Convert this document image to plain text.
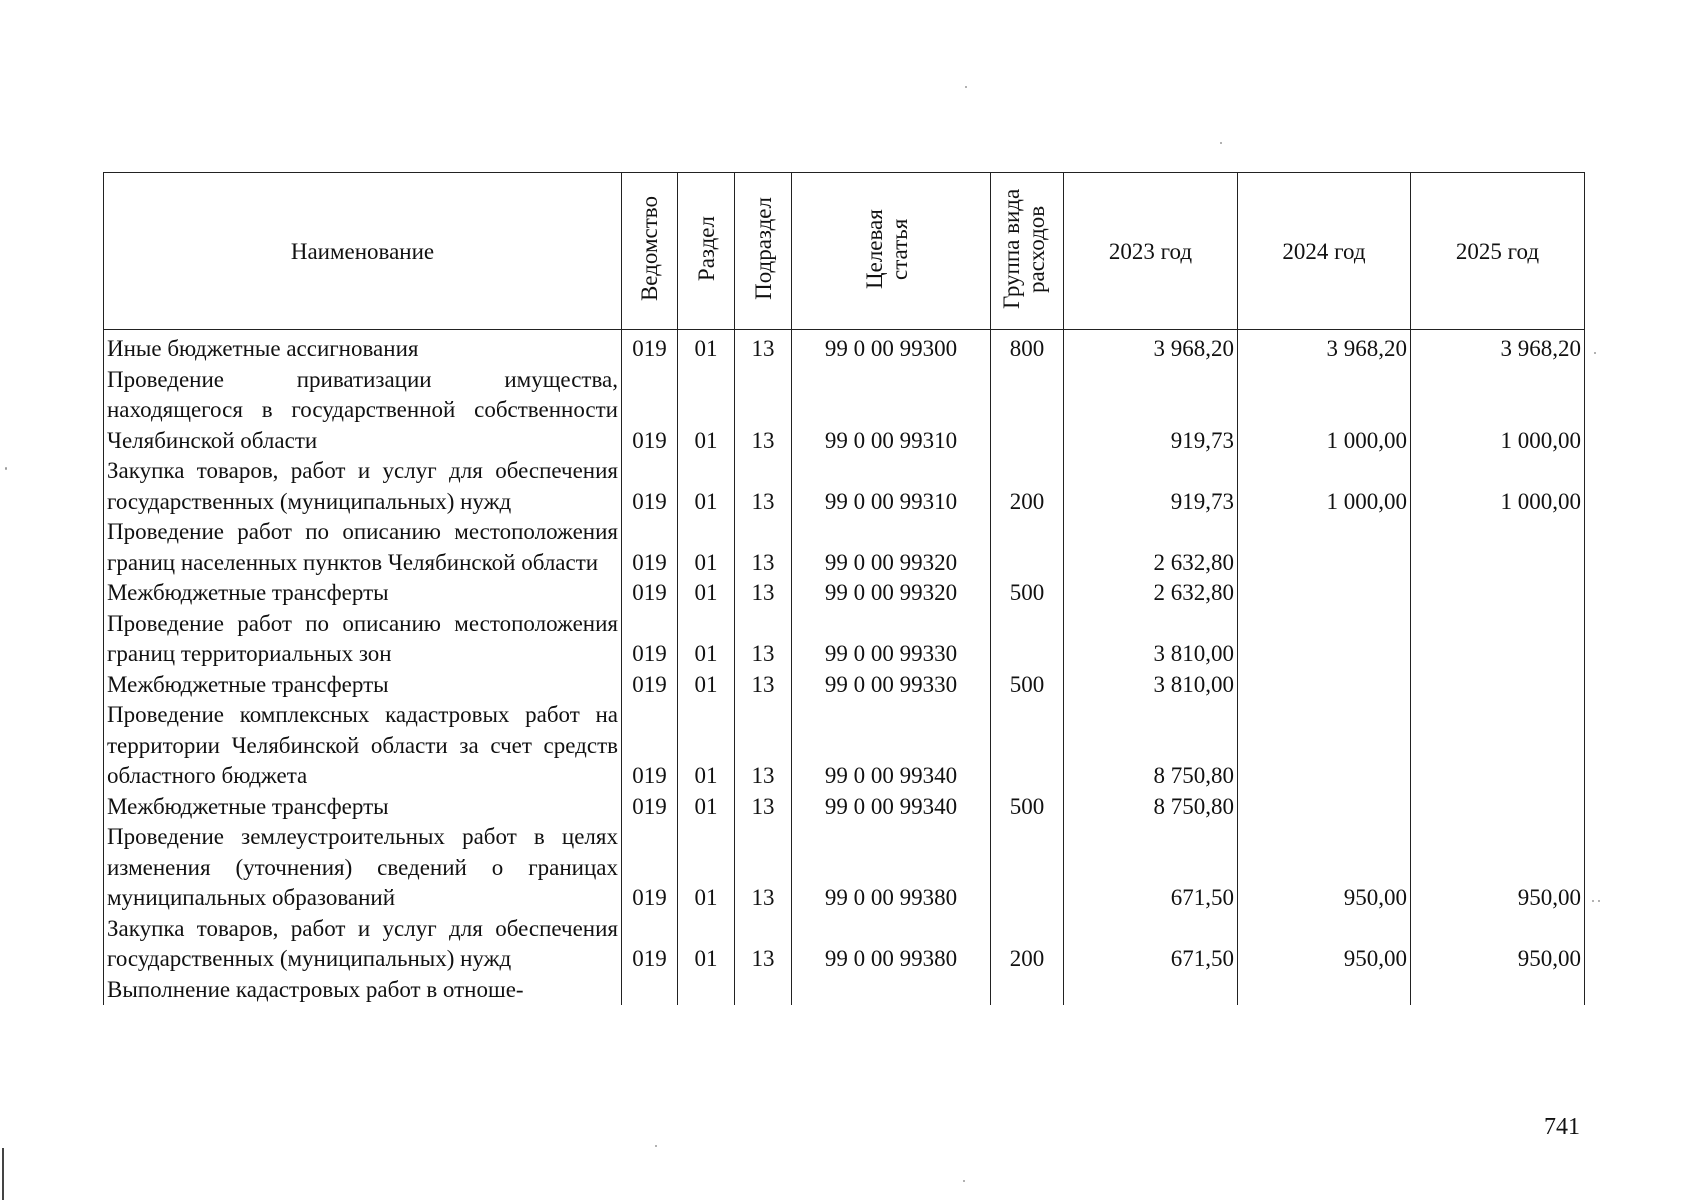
Наименование	Ведомство	Раздел	Подраздел	Целевая статья	Группа вида расходов	2023 год	2024 год	2025 год
Иные бюджетные ассигнования	019	01	13	99 0 00 99300	800	3 968,20	3 968,20	3 968,20
Проведение приватизации имущества, находящегося в государственной собственности Челябинской области	019	01	13	99 0 00 99310		919,73	1 000,00	1 000,00
Закупка товаров, работ и услуг для обеспечения государственных (муниципальных) нужд	019	01	13	99 0 00 99310	200	919,73	1 000,00	1 000,00
Проведение работ по описанию местоположения границ населенных пунктов Челябинской области	019	01	13	99 0 00 99320		2 632,80		
Межбюджетные трансферты	019	01	13	99 0 00 99320	500	2 632,80		
Проведение работ по описанию местоположения границ территориальных зон	019	01	13	99 0 00 99330		3 810,00		
Межбюджетные трансферты	019	01	13	99 0 00 99330	500	3 810,00		
Проведение комплексных кадастровых работ на территории Челябинской области за счет средств областного бюджета	019	01	13	99 0 00 99340		8 750,80		
Межбюджетные трансферты	019	01	13	99 0 00 99340	500	8 750,80		
Проведение землеустроительных работ в целях изменения (уточнения) сведений о границах муниципальных образований	019	01	13	99 0 00 99380		671,50	950,00	950,00
Закупка товаров, работ и услуг для обеспечения государственных (муниципальных) нужд	019	01	13	99 0 00 99380	200	671,50	950,00	950,00
Выполнение кадастровых работ в отноше-								
741
